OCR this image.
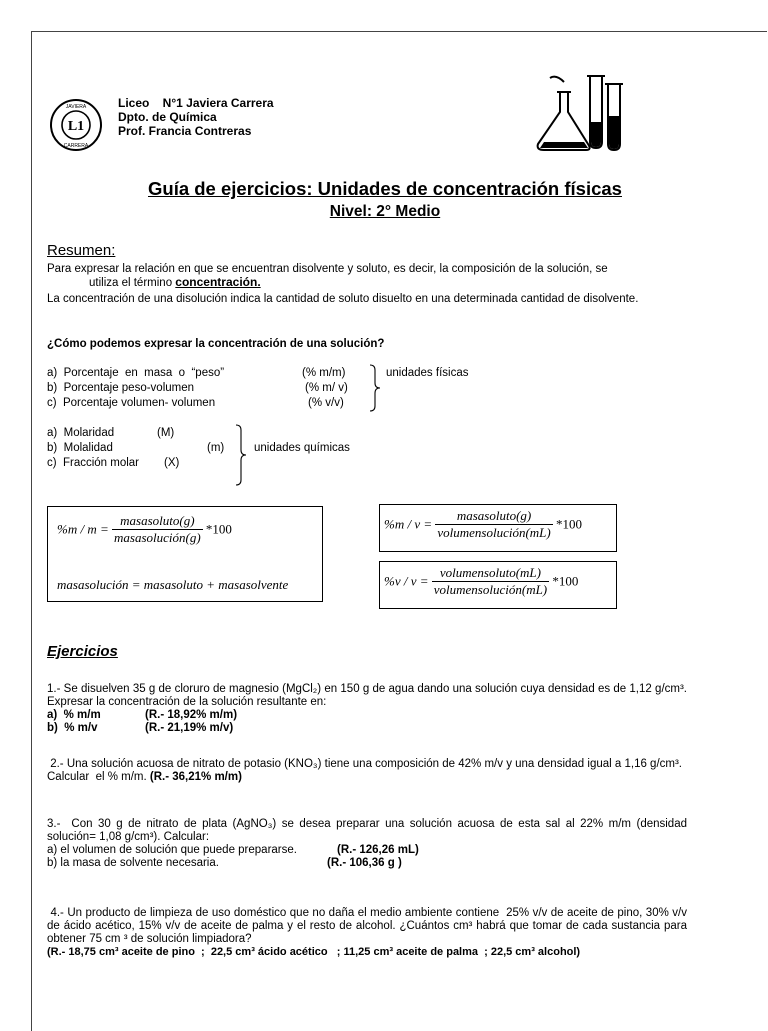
L1
JAVIERA
CARRERA
Liceo    N°1 Javiera Carrera
Dpto. de Química
Prof. Francia Contreras
Guía de ejercicios: Unidades de concentración físicas
Nivel: 2° Medio
Resumen:
Para expresar la relación en que se encuentran disolvente y soluto, es decir, la composición de la solución, se
utiliza el término concentración.
La concentración de una disolución indica la cantidad de soluto disuelto en una determinada cantidad de disolvente.
¿Cómo podemos expresar la concentración de una solución?
a)  Porcentaje  en  masa  o  “peso”	(% m/m)
b)  Porcentaje peso-volumen	(% m/ v)
c)  Porcentaje volumen- volumen	(% v/v)
unidades físicas
a)  Molaridad	(M)
b)  Molalidad	(m)
c)  Fracción molar (X)
unidades químicas
$\%m / m = \frac{\text{masasoluto(g)}}{\text{masasolución(g)}} *100$
masasolución = masasoluto + masasolvente
$\%m / v = \frac{\text{masasoluto(g)}}{\text{volumensolución(mL)}} *100$
$\%v / v = \frac{\text{volumensoluto(mL)}}{\text{volumensolución(mL)}} *100$
Ejercicios
1.- Se disuelven 35 g de cloruro de magnesio (MgCl₂) en 150 g de agua dando una solución cuya densidad es de 1,12 g/cm³. Expresar la concentración de la solución resultante en:
a)  % m/m	(R.- 18,92% m/m)
b)  % m/v	(R.- 21,19% m/v)
2.- Una solución acuosa de nitrato de potasio (KNO₃) tiene una composición de 42% m/v y una densidad igual a 1,16 g/cm³. Calcular  el % m/m. (R.- 36,21% m/m)
3.-  Con 30 g de nitrato de plata (AgNO₃) se desea preparar una solución acuosa de esta sal al 22% m/m (densidad solución= 1,08 g/cm³). Calcular:
a) el volumen de solución que puede prepararse.	(R.- 126,26 mL)
b) la masa de solvente necesaria.	(R.- 106,36 g )
4.- Un producto de limpieza de uso doméstico que no daña el medio ambiente contiene  25% v/v de aceite de pino, 30% v/v de ácido acético, 15% v/v de aceite de palma y el resto de alcohol. ¿Cuántos cm³ habrá que tomar de cada sustancia para  obtener 75 cm ³ de solución limpiadora?
(R.- 18,75 cm³ aceite de pino  ;  22,5 cm³ ácido acético   ; 11,25 cm³ aceite de palma  ; 22,5 cm³ alcohol)
